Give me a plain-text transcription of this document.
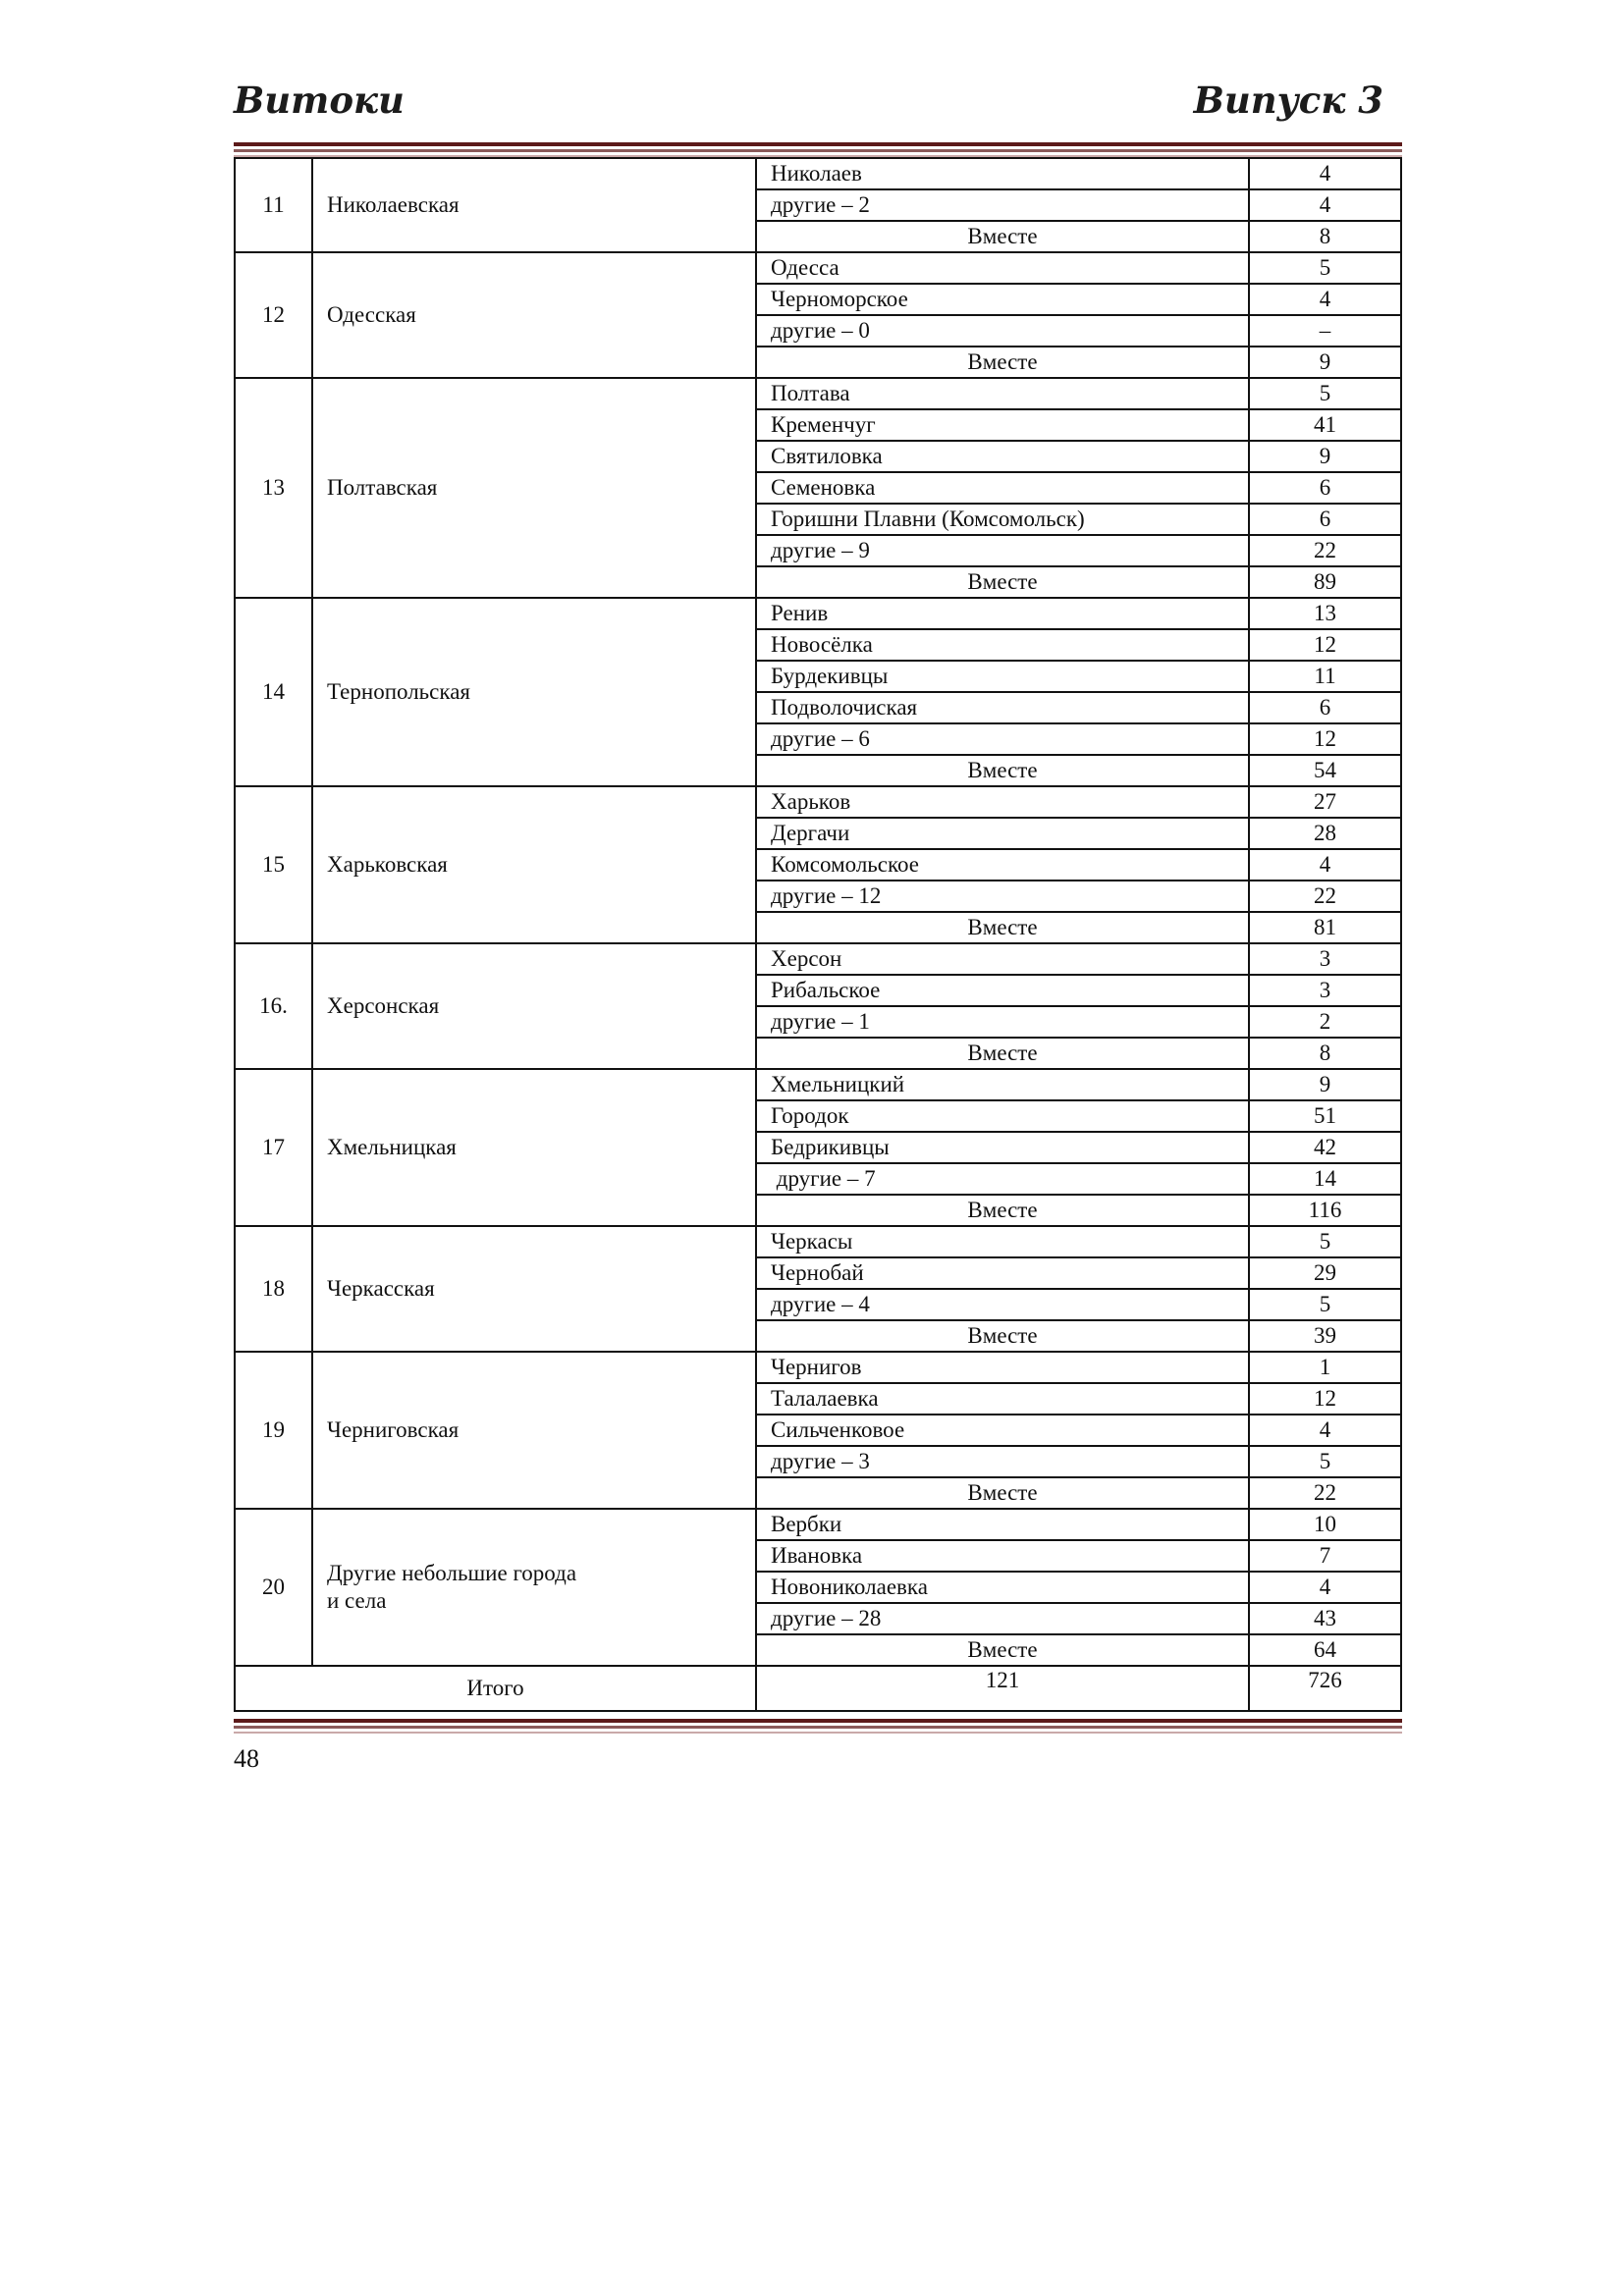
Витоки	Випуск 3
11	Николаевская	Николаев	4
		другие – 2	4
		Вместе	8
12	Одесская	Одесса	5
		Черноморское	4
		другие – 0	–
		Вместе	9
13	Полтавская	Полтава	5
		Кременчуг	41
		Святиловка	9
		Семеновка	6
		Горишни Плавни (Комсомольск)	6
		другие – 9	22
		Вместе	89
14	Тернопольская	Ренив	13
		Новосёлка	12
		Бурдекивцы	11
		Подволочиская	6
		другие – 6	12
		Вместе	54
15	Харьковская	Харьков	27
		Дергачи	28
		Комсомольское	4
		другие – 12	22
		Вместе	81
16.	Херсонская	Херсон	3
		Рибальское	3
		другие – 1	2
		Вместе	8
17	Хмельницкая	Хмельницкий	9
		Городок	51
		Бедрикивцы	42
		другие – 7	14
		Вместе	116
18	Черкасская	Черкасы	5
		Чернобай	29
		другие – 4	5
		Вместе	39
19	Черниговская	Чернигов	1
		Талалаевка	12
		Сильченковое	4
		другие – 3	5
		Вместе	22
20	Другие небольшие города
и села	Вербки	10
		Ивановка	7
		Новониколаевка	4
		другие – 28	43
		Вместе	64
Итого		121	726
48
